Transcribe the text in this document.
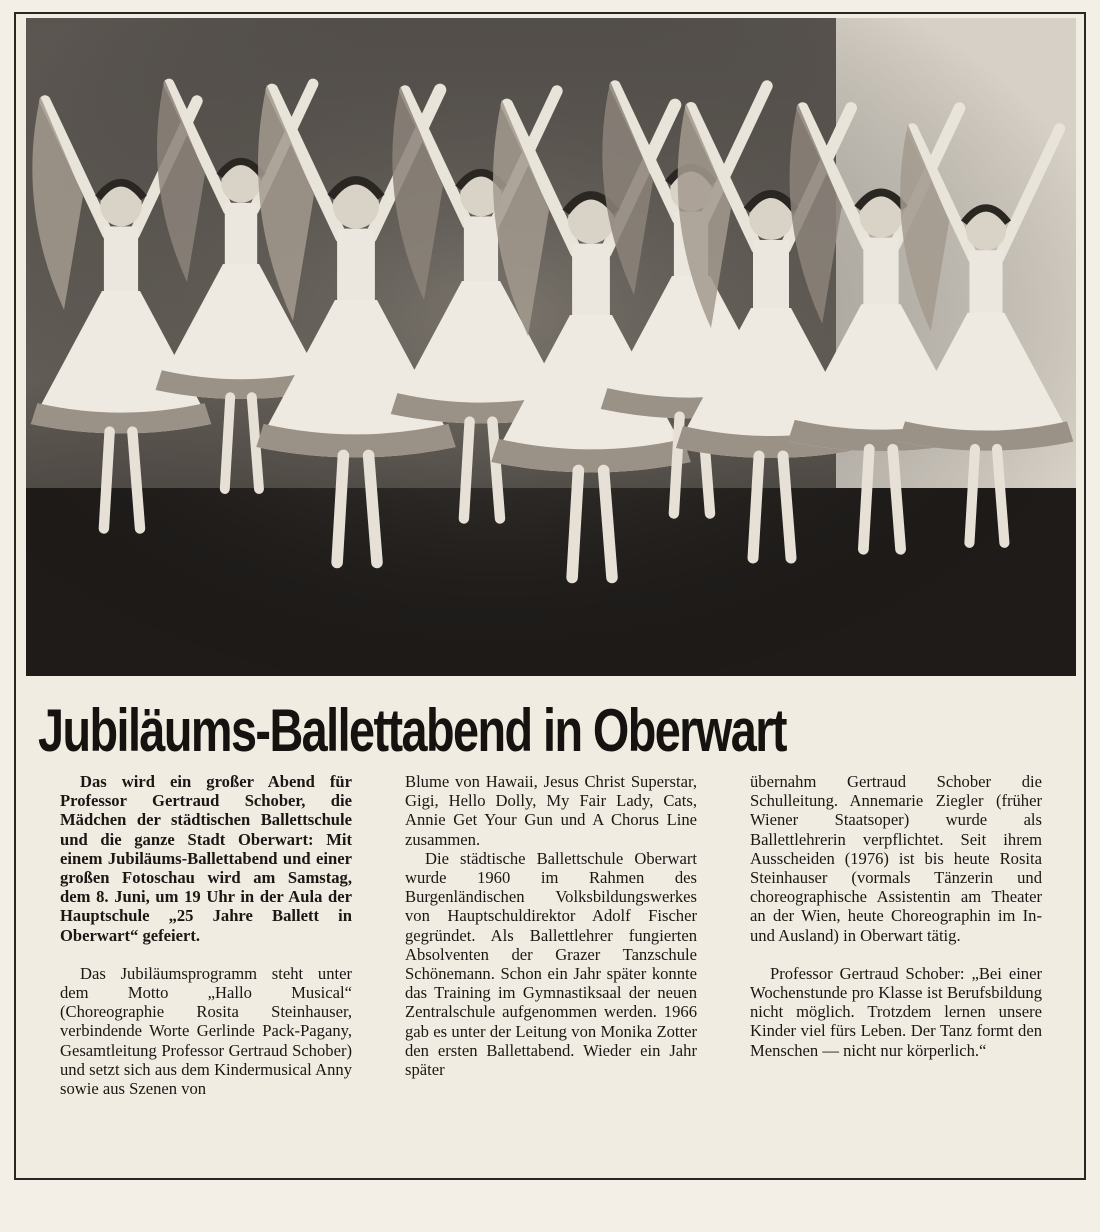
Jubiläums-Ballettabend in Oberwart

Das wird ein großer Abend für Professor Gertraud Schober, die Mädchen der städtischen Ballettschule und die ganze Stadt Oberwart: Mit einem Jubiläums-Ballettabend und einer großen Fotoschau wird am Samstag, dem 8. Juni, um 19 Uhr in der Aula der Hauptschule „25 Jahre Ballett in Oberwart“ gefeiert.

Das Jubiläumsprogramm steht unter dem Motto „Hallo Musical“ (Choreographie Rosita Steinhauser, verbindende Worte Gerlinde Pack-Pagany, Gesamtleitung Professor Gertraud Schober) und setzt sich aus dem Kindermusical Anny sowie aus Szenen von

Blume von Hawaii, Jesus Christ Superstar, Gigi, Hello Dolly, My Fair Lady, Cats, Annie Get Your Gun und A Chorus Line zusammen.

Die städtische Ballettschule Oberwart wurde 1960 im Rahmen des Burgenländischen Volksbildungswerkes von Hauptschuldirektor Adolf Fischer gegründet. Als Ballettlehrer fungierten Absolventen der Grazer Tanzschule Schönemann. Schon ein Jahr später konnte das Training im Gymnastiksaal der neuen Zentralschule aufgenommen werden. 1966 gab es unter der Leitung von Monika Zotter den ersten Ballettabend. Wieder ein Jahr später

übernahm Gertraud Schober die Schulleitung. Annemarie Ziegler (früher Wiener Staatsoper) wurde als Ballettlehrerin verpflichtet. Seit ihrem Ausscheiden (1976) ist bis heute Rosita Steinhauser (vormals Tänzerin und choreographische Assistentin am Theater an der Wien, heute Choreographin im In- und Ausland) in Oberwart tätig.

Professor Gertraud Schober: „Bei einer Wochenstunde pro Klasse ist Berufsbildung nicht möglich. Trotzdem lernen unsere Kinder viel fürs Leben. Der Tanz formt den Menschen — nicht nur körperlich.“
